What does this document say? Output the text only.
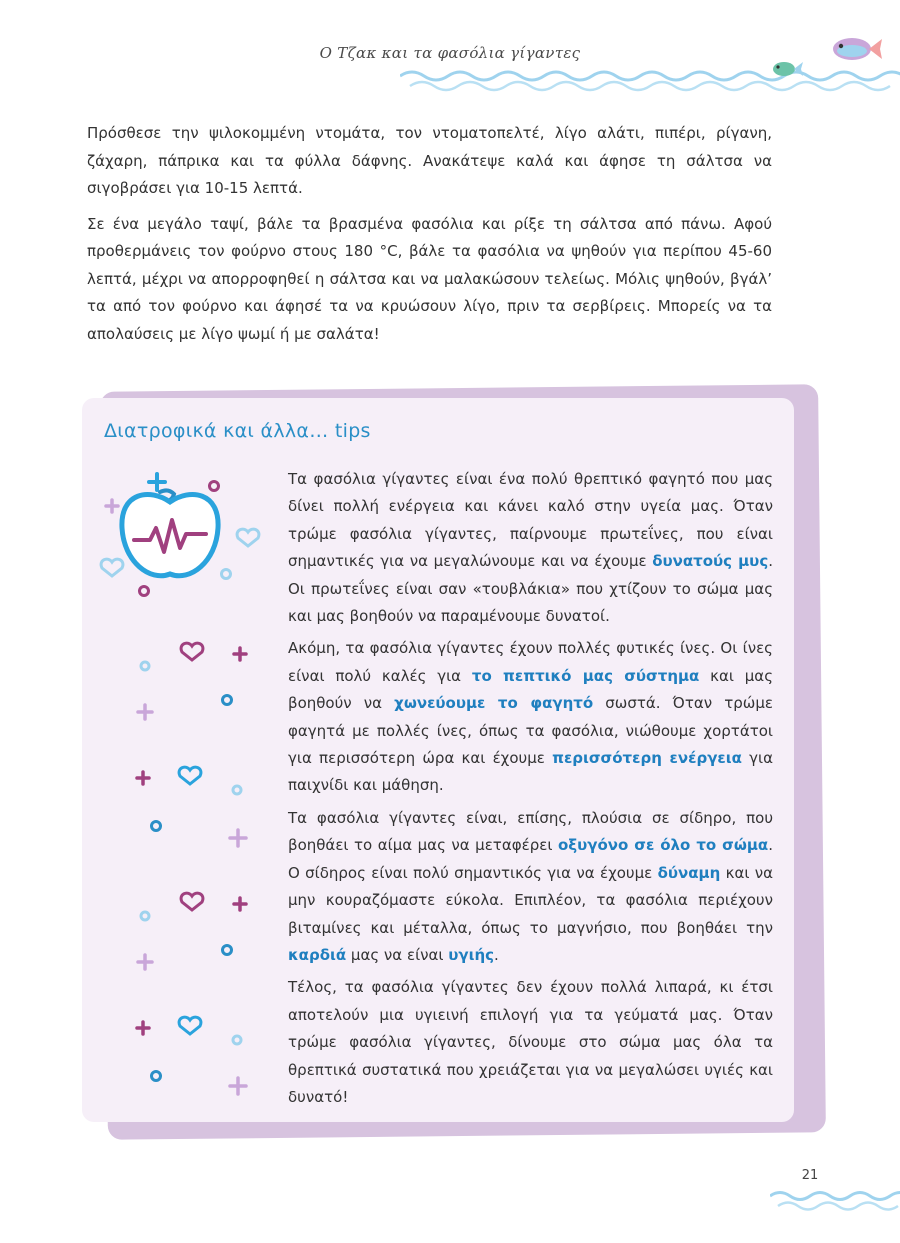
Ο Τζακ και τα φασόλια γίγαντες

Πρόσθεσε την ψιλοκομμένη ντομάτα, τον ντοματοπελτέ, λίγο αλάτι, πιπέρι, ρίγανη, ζάχαρη, πάπρικα και τα φύλλα δάφνης. Ανακάτεψε καλά και άφησε τη σάλτσα να σιγοβράσει για 10-15 λεπτά.

Σε ένα μεγάλο ταψί, βάλε τα βρασμένα φασόλια και ρίξε τη σάλτσα από πάνω. Αφού προθερμάνεις τον φούρνο στους 180 °C, βάλε τα φασόλια να ψηθούν για περίπου 45-60 λεπτά, μέχρι να απορροφηθεί η σάλτσα και να μαλακώσουν τελείως. Μόλις ψηθούν, βγάλ’ τα από τον φούρνο και άφησέ τα να κρυώσουν λίγο, πριν τα σερβίρεις. Μπορείς να τα απολαύσεις με λίγο ψωμί ή με σαλάτα!

Διατροφικά και άλλα… tips

Τα φασόλια γίγαντες είναι ένα πολύ θρεπτικό φαγητό που μας δίνει πολλή ενέργεια και κάνει καλό στην υγεία μας. Όταν τρώμε φασόλια γίγαντες, παίρνουμε πρωτεΐνες, που είναι σημαντικές για να μεγαλώνουμε και να έχουμε δυνατούς μυς. Οι πρωτεΐνες είναι σαν «τουβλάκια» που χτίζουν το σώμα μας και μας βοηθούν να παραμένουμε δυνατοί.

Ακόμη, τα φασόλια γίγαντες έχουν πολλές φυτικές ίνες. Οι ίνες είναι πολύ καλές για το πεπτικό μας σύστημα και μας βοηθούν να χωνεύουμε το φαγητό σωστά. Όταν τρώμε φαγητά με πολλές ίνες, όπως τα φασόλια, νιώθουμε χορτάτοι για περισσότερη ώρα και έχουμε περισσότερη ενέργεια για παιχνίδι και μάθηση.

Τα φασόλια γίγαντες είναι, επίσης, πλούσια σε σίδηρο, που βοηθάει το αίμα μας να μεταφέρει οξυγόνο σε όλο το σώμα. Ο σίδηρος είναι πολύ σημαντικός για να έχουμε δύναμη και να μην κουραζόμαστε εύκολα. Επιπλέον, τα φασόλια περιέχουν βιταμίνες και μέταλλα, όπως το μαγνήσιο, που βοηθάει την καρδιά μας να είναι υγιής.

Τέλος, τα φασόλια γίγαντες δεν έχουν πολλά λιπαρά, κι έτσι αποτελούν μια υγιεινή επιλογή για τα γεύματά μας. Όταν τρώμε φασόλια γίγαντες, δίνουμε στο σώμα μας όλα τα θρεπτικά συστατικά που χρειάζεται για να μεγαλώσει υγιές και δυνατό!

21
